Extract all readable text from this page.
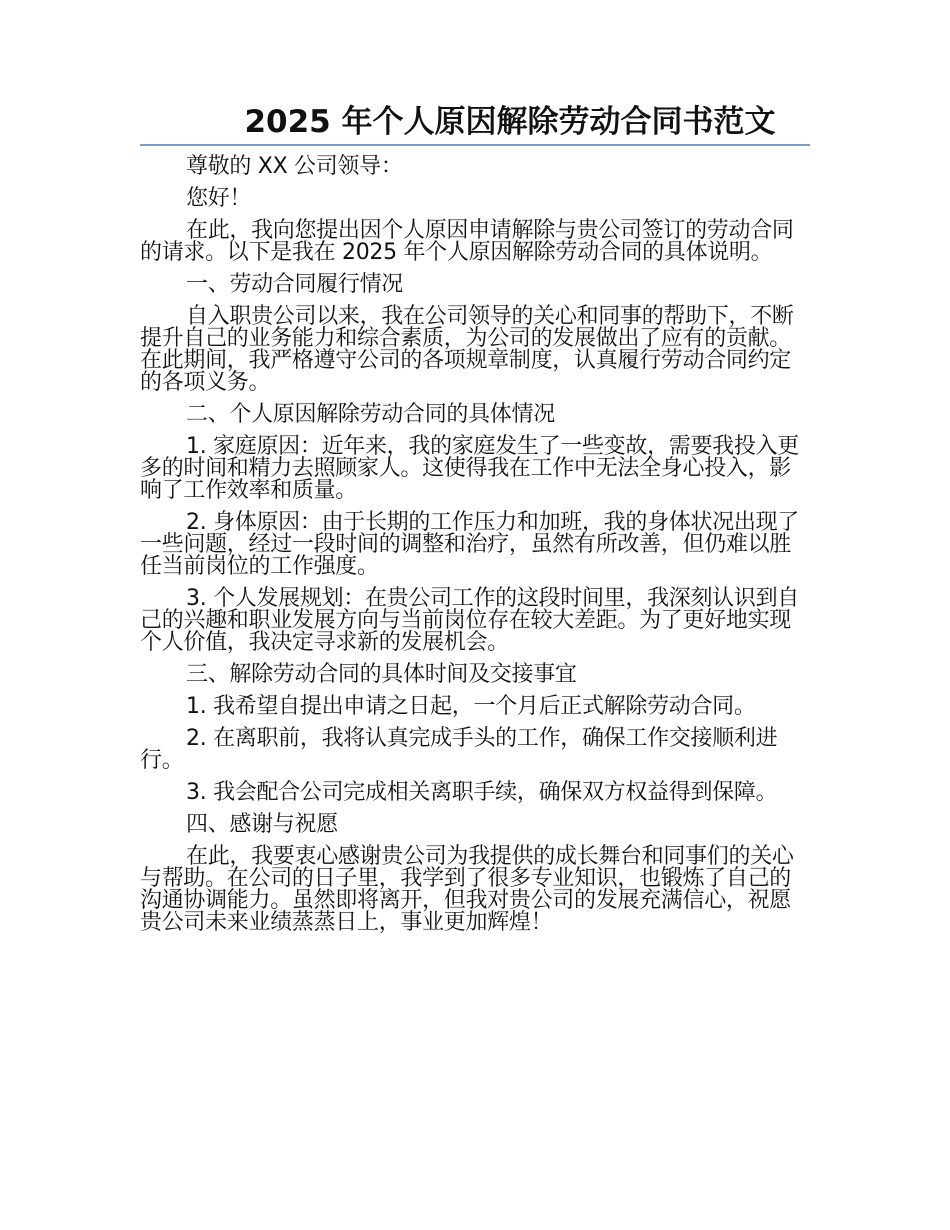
2025 年个人原因解除劳动合同书范文

尊敬的 XX 公司领导：

您好！

在此，我向您提出因个人原因申请解除与贵公司签订的劳动合同的请求。以下是我在 2025 年个人原因解除劳动合同的具体说明。

一、劳动合同履行情况

自入职贵公司以来，我在公司领导的关心和同事的帮助下，不断提升自己的业务能力和综合素质，为公司的发展做出了应有的贡献。在此期间，我严格遵守公司的各项规章制度，认真履行劳动合同约定的各项义务。

二、个人原因解除劳动合同的具体情况

1. 家庭原因：近年来，我的家庭发生了一些变故，需要我投入更多的时间和精力去照顾家人。这使得我在工作中无法全身心投入，影响了工作效率和质量。

2. 身体原因：由于长期的工作压力和加班，我的身体状况出现了一些问题，经过一段时间的调整和治疗，虽然有所改善，但仍难以胜任当前岗位的工作强度。

3. 个人发展规划：在贵公司工作的这段时间里，我深刻认识到自己的兴趣和职业发展方向与当前岗位存在较大差距。为了更好地实现个人价值，我决定寻求新的发展机会。

三、解除劳动合同的具体时间及交接事宜

1. 我希望自提出申请之日起，一个月后正式解除劳动合同。

2. 在离职前，我将认真完成手头的工作，确保工作交接顺利进行。

3. 我会配合公司完成相关离职手续，确保双方权益得到保障。

四、感谢与祝愿

在此，我要衷心感谢贵公司为我提供的成长舞台和同事们的关心与帮助。在公司的日子里，我学到了很多专业知识，也锻炼了自己的沟通协调能力。虽然即将离开，但我对贵公司的发展充满信心，祝愿贵公司未来业绩蒸蒸日上，事业更加辉煌！
